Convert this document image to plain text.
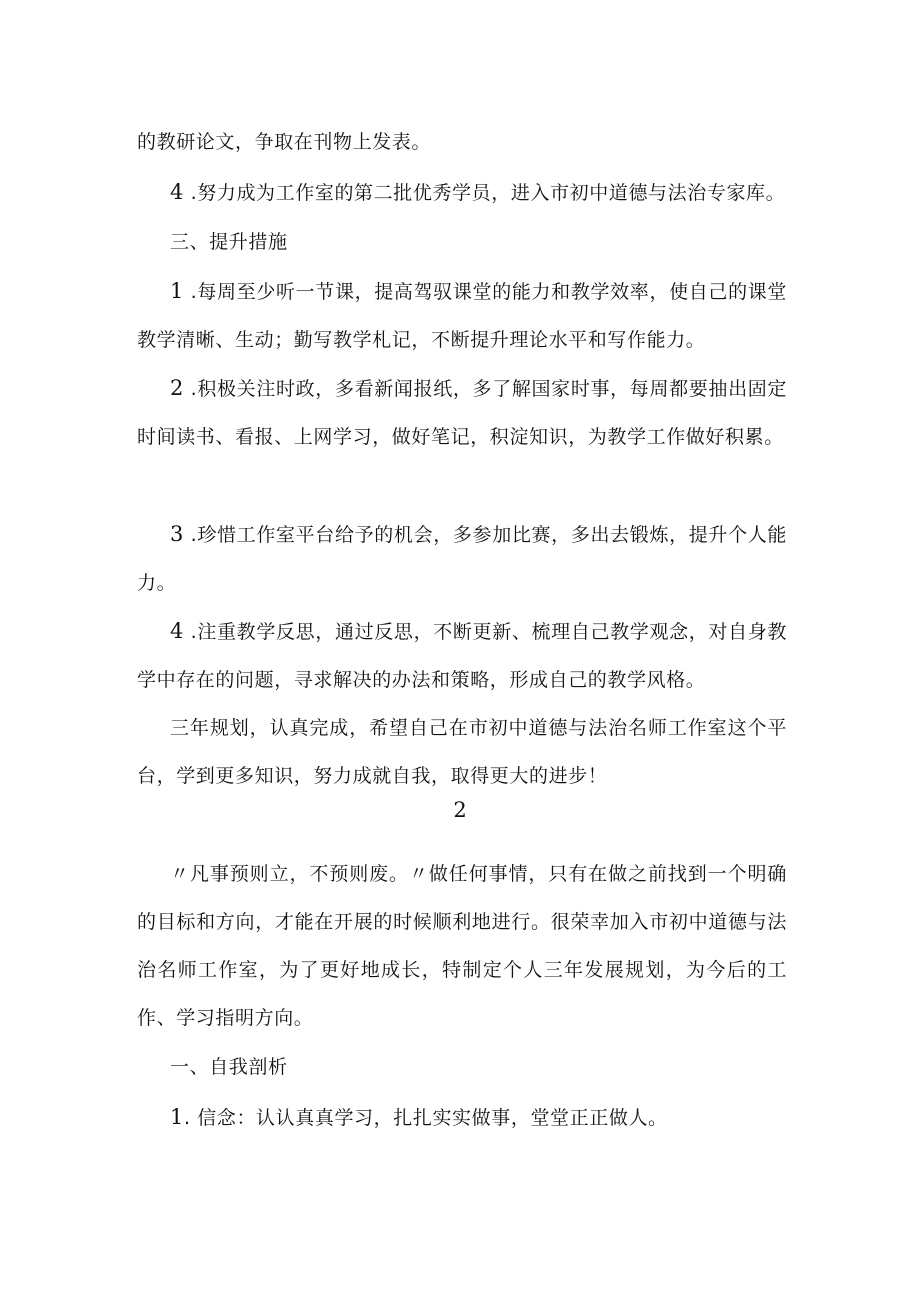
的教研论文，争取在刊物上发表。

4 .努力成为工作室的第二批优秀学员，进入市初中道德与法治专家库。

三、提升措施

1 .每周至少听一节课，提高驾驭课堂的能力和教学效率，使自己的课堂教学清晰、生动；勤写教学札记，不断提升理论水平和写作能力。

2 .积极关注时政，多看新闻报纸，多了解国家时事，每周都要抽出固定时间读书、看报、上网学习，做好笔记，积淀知识，为教学工作做好积累。

3 .珍惜工作室平台给予的机会，多参加比赛，多出去锻炼，提升个人能力。

4 .注重教学反思，通过反思，不断更新、梳理自己教学观念，对自身教学中存在的问题，寻求解决的办法和策略，形成自己的教学风格。

三年规划，认真完成，希望自己在市初中道德与法治名师工作室这个平台，学到更多知识，努力成就自我，取得更大的进步！

2

〃凡事预则立，不预则废。〃做任何事情，只有在做之前找到一个明确的目标和方向，才能在开展的时候顺利地进行。很荣幸加入市初中道德与法治名师工作室，为了更好地成长，特制定个人三年发展规划，为今后的工作、学习指明方向。

一、自我剖析

1. 信念：认认真真学习，扎扎实实做事，堂堂正正做人。
